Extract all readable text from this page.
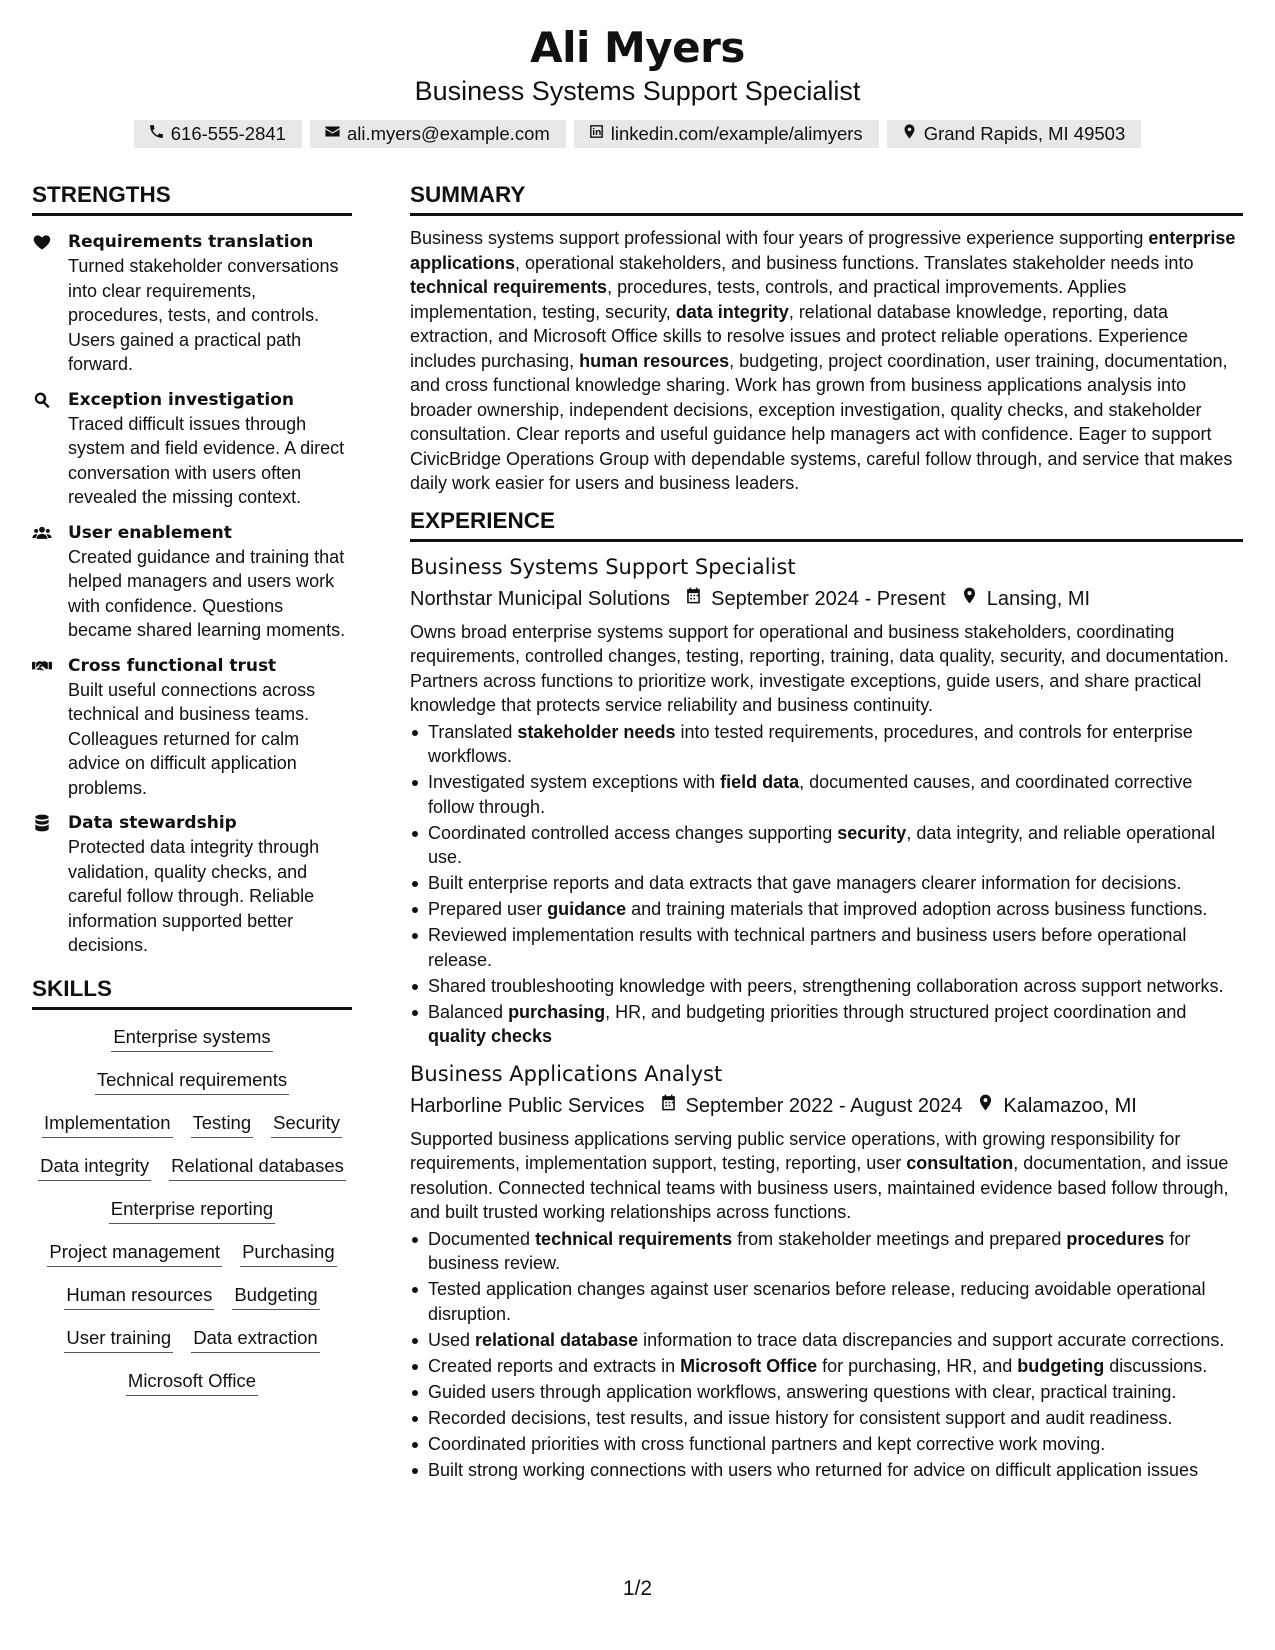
Ali Myers
Business Systems Support Specialist
616-555-2841	ali.myers@example.com	linkedin.com/example/alimyers	Grand Rapids, MI 49503
STRENGTHS
Requirements translation
Turned stakeholder conversations into clear requirements, procedures, tests, and controls. Users gained a practical path forward.
Exception investigation
Traced difficult issues through system and field evidence. A direct conversation with users often revealed the missing context.
User enablement
Created guidance and training that helped managers and users work with confidence. Questions became shared learning moments.
Cross functional trust
Built useful connections across technical and business teams. Colleagues returned for calm advice on difficult application problems.
Data stewardship
Protected data integrity through validation, quality checks, and careful follow through. Reliable information supported better decisions.
SKILLS
Enterprise systems
Technical requirements
Implementation Testing Security
Data integrity Relational databases
Enterprise reporting
Project management Purchasing
Human resources Budgeting
User training Data extraction
Microsoft Office
SUMMARY
Business systems support professional with four years of progressive experience supporting enterprise applications, operational stakeholders, and business functions. Translates stakeholder needs into technical requirements, procedures, tests, controls, and practical improvements. Applies implementation, testing, security, data integrity, relational database knowledge, reporting, data extraction, and Microsoft Office skills to resolve issues and protect reliable operations. Experience includes purchasing, human resources, budgeting, project coordination, user training, documentation, and cross functional knowledge sharing. Work has grown from business applications analysis into broader ownership, independent decisions, exception investigation, quality checks, and stakeholder consultation. Clear reports and useful guidance help managers act with confidence. Eager to support CivicBridge Operations Group with dependable systems, careful follow through, and service that makes daily work easier for users and business leaders.
EXPERIENCE
Business Systems Support Specialist
Northstar Municipal Solutions September 2024 - Present Lansing, MI
Owns broad enterprise systems support for operational and business stakeholders, coordinating requirements, controlled changes, testing, reporting, training, data quality, security, and documentation. Partners across functions to prioritize work, investigate exceptions, guide users, and share practical knowledge that protects service reliability and business continuity.
Translated stakeholder needs into tested requirements, procedures, and controls for enterprise workflows.
Investigated system exceptions with field data, documented causes, and coordinated corrective follow through.
Coordinated controlled access changes supporting security, data integrity, and reliable operational use.
Built enterprise reports and data extracts that gave managers clearer information for decisions.
Prepared user guidance and training materials that improved adoption across business functions.
Reviewed implementation results with technical partners and business users before operational release.
Shared troubleshooting knowledge with peers, strengthening collaboration across support networks.
Balanced purchasing, HR, and budgeting priorities through structured project coordination and quality checks
Business Applications Analyst
Harborline Public Services September 2022 - August 2024 Kalamazoo, MI
Supported business applications serving public service operations, with growing responsibility for requirements, implementation support, testing, reporting, user consultation, documentation, and issue resolution. Connected technical teams with business users, maintained evidence based follow through, and built trusted working relationships across functions.
Documented technical requirements from stakeholder meetings and prepared procedures for business review.
Tested application changes against user scenarios before release, reducing avoidable operational disruption.
Used relational database information to trace data discrepancies and support accurate corrections.
Created reports and extracts in Microsoft Office for purchasing, HR, and budgeting discussions.
Guided users through application workflows, answering questions with clear, practical training.
Recorded decisions, test results, and issue history for consistent support and audit readiness.
Coordinated priorities with cross functional partners and kept corrective work moving.
Built strong working connections with users who returned for advice on difficult application issues
1/2
